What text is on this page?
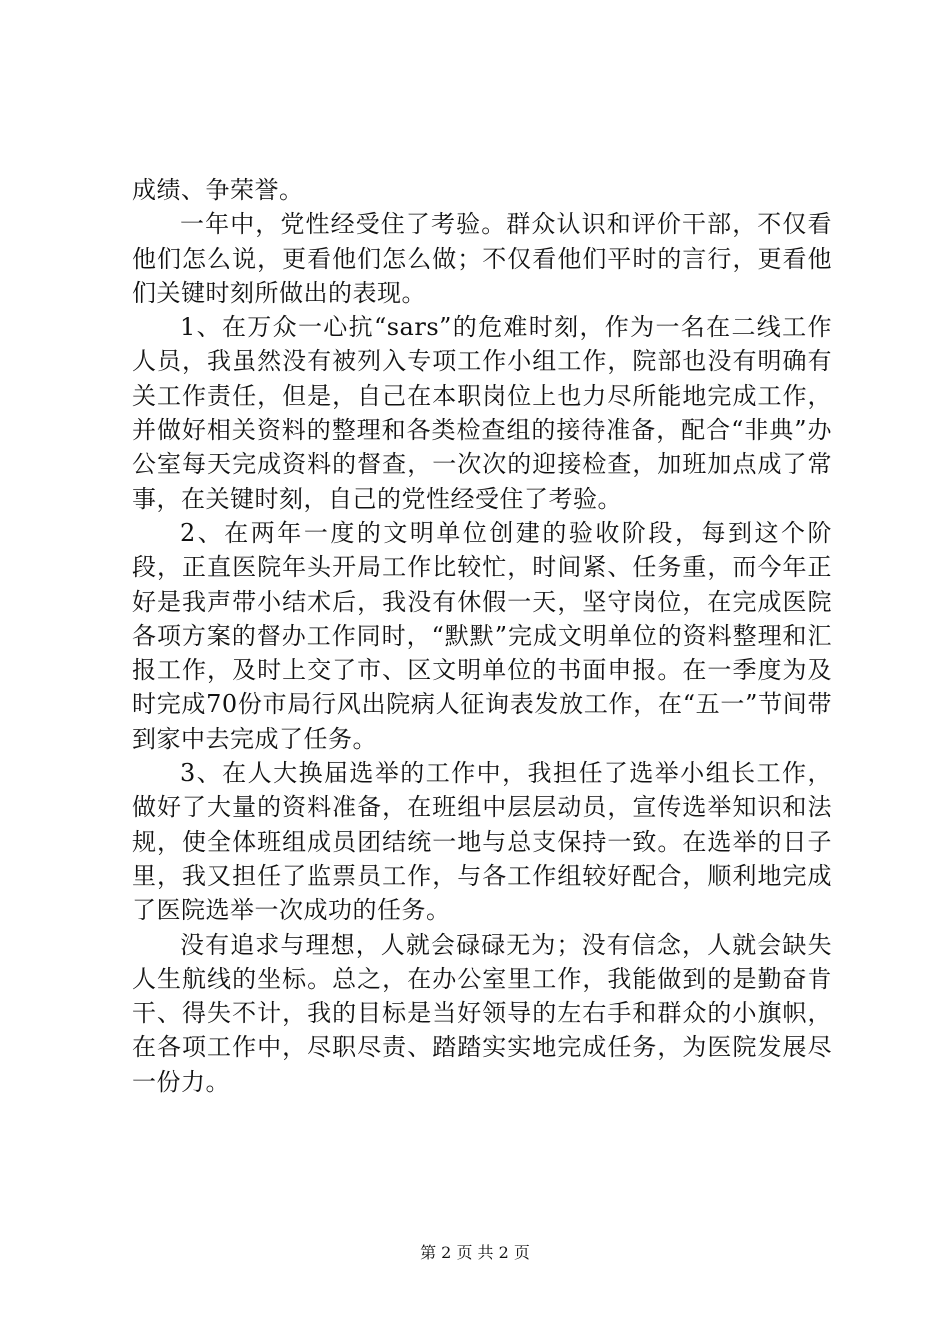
成绩、争荣誉。

一年中，党性经受住了考验。群众认识和评价干部，不仅看他们怎么说，更看他们怎么做；不仅看他们平时的言行，更看他们关键时刻所做出的表现。

1、在万众一心抗“sars”的危难时刻，作为一名在二线工作人员，我虽然没有被列入专项工作小组工作，院部也没有明确有关工作责任，但是，自己在本职岗位上也力尽所能地完成工作，并做好相关资料的整理和各类检查组的接待准备，配合“非典”办公室每天完成资料的督查，一次次的迎接检查，加班加点成了常事，在关键时刻，自己的党性经受住了考验。

2、在两年一度的文明单位创建的验收阶段，每到这个阶段，正直医院年头开局工作比较忙，时间紧、任务重，而今年正好是我声带小结术后，我没有休假一天，坚守岗位，在完成医院各项方案的督办工作同时，“默默”完成文明单位的资料整理和汇报工作，及时上交了市、区文明单位的书面申报。在一季度为及时完成70份市局行风出院病人征询表发放工作，在“五一”节间带到家中去完成了任务。

3、在人大换届选举的工作中，我担任了选举小组长工作，做好了大量的资料准备，在班组中层层动员，宣传选举知识和法规，使全体班组成员团结统一地与总支保持一致。在选举的日子里，我又担任了监票员工作，与各工作组较好配合，顺利地完成了医院选举一次成功的任务。

没有追求与理想，人就会碌碌无为；没有信念，人就会缺失人生航线的坐标。总之，在办公室里工作，我能做到的是勤奋肯干、得失不计，我的目标是当好领导的左右手和群众的小旗帜，在各项工作中，尽职尽责、踏踏实实地完成任务，为医院发展尽一份力。

第 2 页 共 2 页
